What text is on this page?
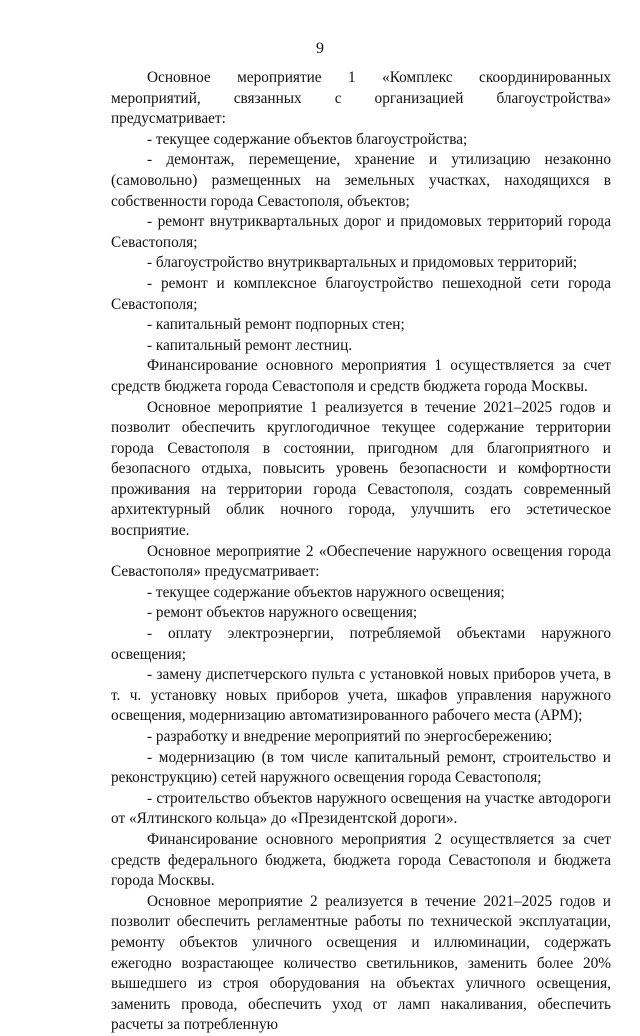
9

Основное мероприятие 1 «Комплекс скоординированных мероприятий, связанных с организацией благоустройства» предусматривает:

- текущее содержание объектов благоустройства;

- демонтаж, перемещение, хранение и утилизацию незаконно (самовольно) размещенных на земельных участках, находящихся в собственности города Севастополя, объектов;

- ремонт внутриквартальных дорог и придомовых территорий города Севастополя;

- благоустройство внутриквартальных и придомовых территорий;

- ремонт и комплексное благоустройство пешеходной сети города Севастополя;

- капитальный ремонт подпорных стен;

- капитальный ремонт лестниц.

Финансирование основного мероприятия 1 осуществляется за счет средств бюджета города Севастополя и средств бюджета города Москвы.

Основное мероприятие 1 реализуется в течение 2021–2025 годов и позволит обеспечить круглогодичное текущее содержание территории города Севастополя в состоянии, пригодном для благоприятного и безопасного отдыха, повысить уровень безопасности и комфортности проживания на территории города Севастополя, создать современный архитектурный облик ночного города, улучшить его эстетическое восприятие.

Основное мероприятие 2 «Обеспечение наружного освещения города Севастополя» предусматривает:

- текущее содержание объектов наружного освещения;

- ремонт объектов наружного освещения;

- оплату электроэнергии, потребляемой объектами наружного освещения;

- замену диспетчерского пульта с установкой новых приборов учета, в т. ч. установку новых приборов учета, шкафов управления наружного освещения, модернизацию автоматизированного рабочего места (АРМ);

- разработку и внедрение мероприятий по энергосбережению;

- модернизацию (в том числе капитальный ремонт, строительство и реконструкцию) сетей наружного освещения города Севастополя;

- строительство объектов наружного освещения на участке автодороги от «Ялтинского кольца» до «Президентской дороги».

Финансирование основного мероприятия 2 осуществляется за счет средств федерального бюджета, бюджета города Севастополя и бюджета города Москвы.

Основное мероприятие 2 реализуется в течение 2021–2025 годов и позволит обеспечить регламентные работы по технической эксплуатации, ремонту объектов уличного освещения и иллюминации, содержать ежегодно возрастающее количество светильников, заменить более 20% вышедшего из строя оборудования на объектах уличного освещения, заменить провода, обеспечить уход от ламп накаливания, обеспечить расчеты за потребленную
